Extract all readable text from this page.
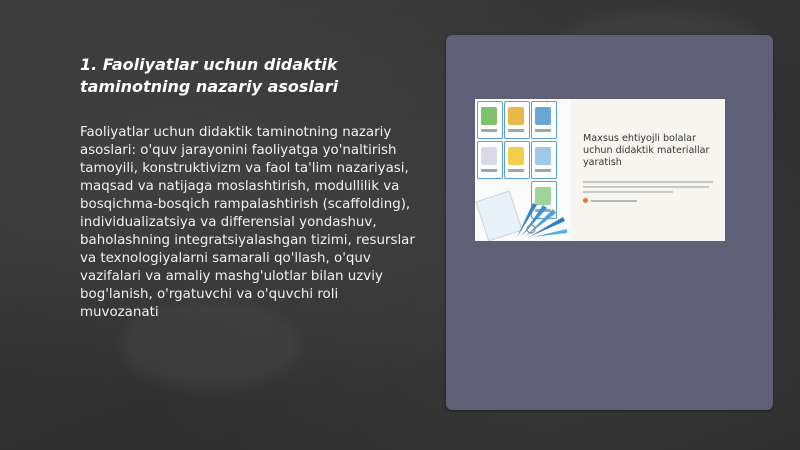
1. Faoliyatlar uchun didaktik taminotning nazariy asoslari
Faoliyatlar uchun didaktik taminotning nazariy asoslari: o'quv jarayonini faoliyatga yo'naltirish tamoyili, konstruktivizm va faol ta'lim nazariyasi, maqsad va natijaga moslashtirish, modullilik va bosqichma-bosqich rampalashtirish (scaffolding), individualizatsiya va differensial yondashuv, baholashning integratsiyalashgan tizimi, resurslar va texnologiyalarni samarali qo'llash, o'quv vazifalari va amaliy mashg'ulotlar bilan uzviy bog'lanish, o'rgatuvchi va o'quvchi roli muvozanati
Maxsus ehtiyojli bolalar uchun didaktik materiallar yaratish
